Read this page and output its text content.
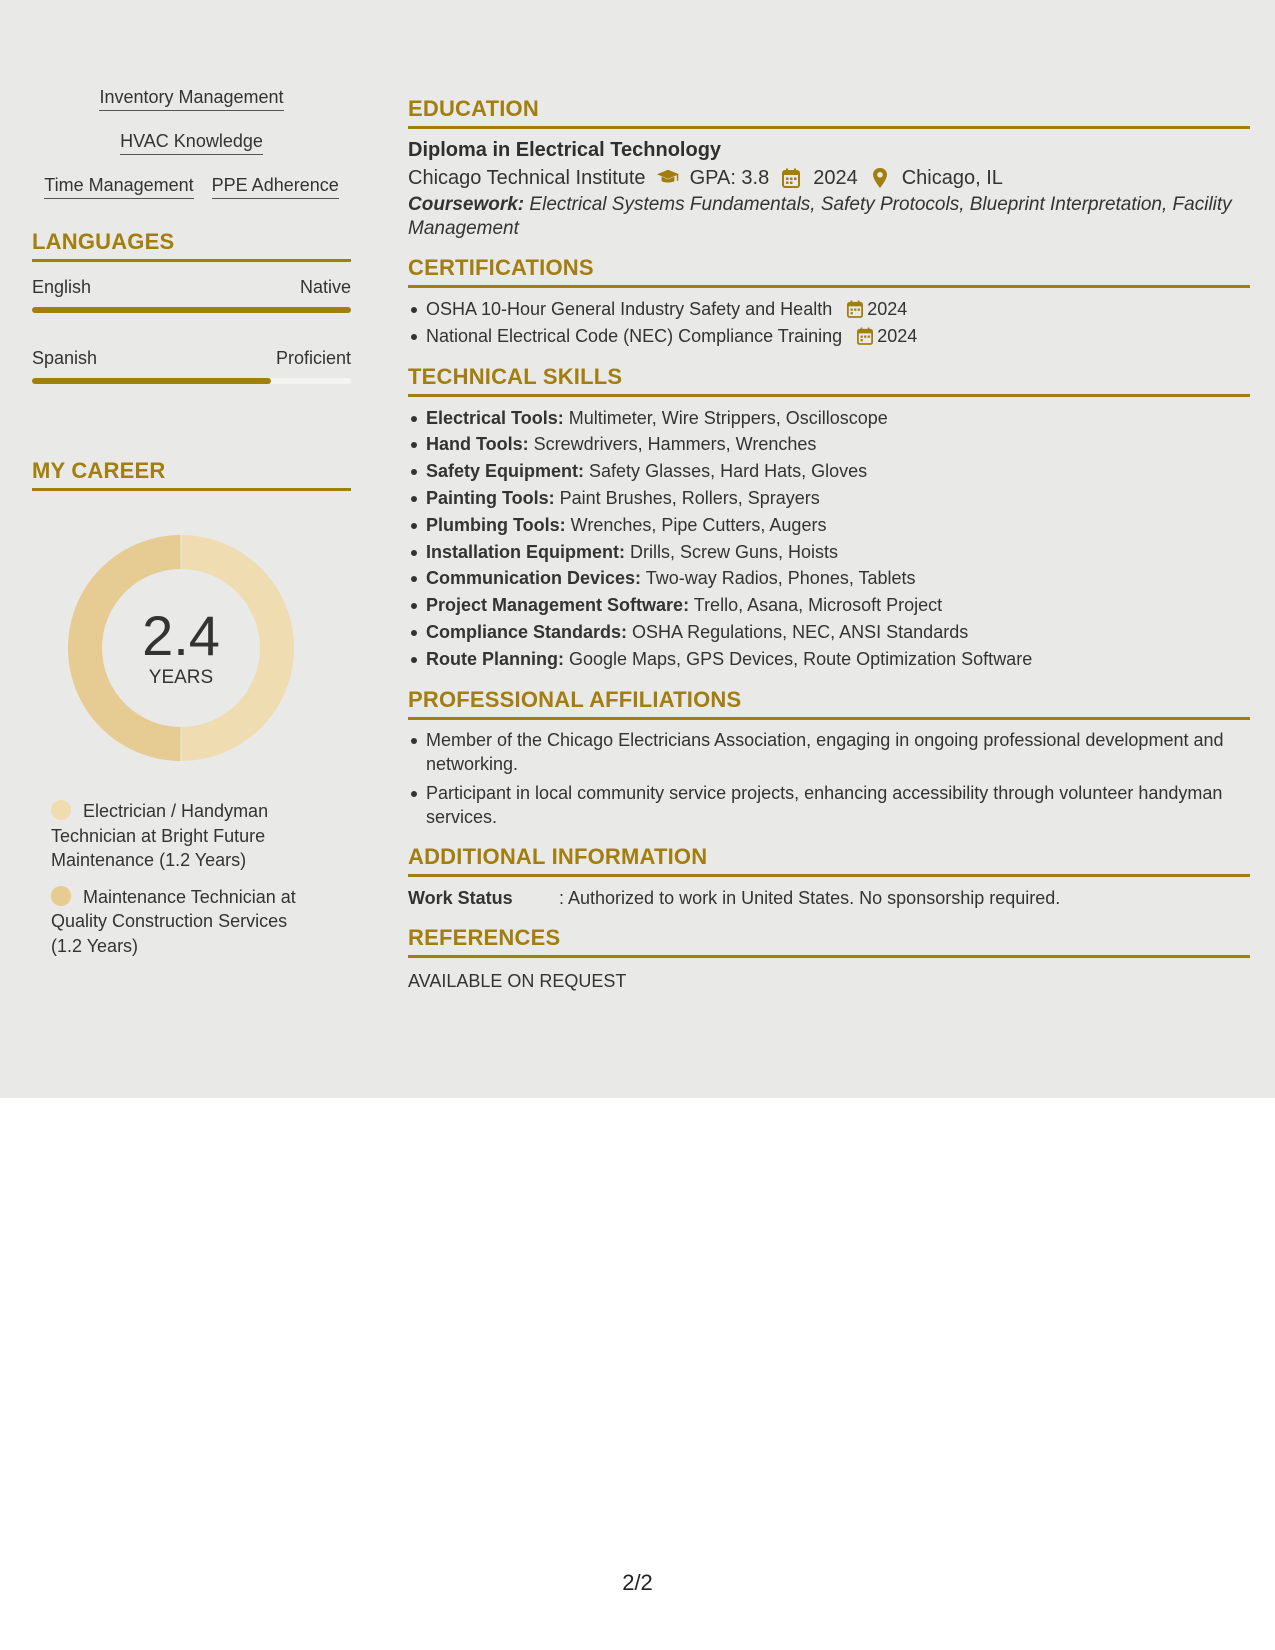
Inventory Management
HVAC Knowledge
Time Management PPE Adherence
LANGUAGES
English	Native
Spanish	Proficient
MY CAREER
2.4
YEARS
Electrician / Handyman Technician at Bright Future Maintenance (1.2 Years)
Maintenance Technician at Quality Construction Services (1.2 Years)
EDUCATION
Diploma in Electrical Technology
Chicago Technical Institute GPA: 3.8 2024 Chicago, IL
Coursework: Electrical Systems Fundamentals, Safety Protocols, Blueprint Interpretation, Facility Management
CERTIFICATIONS
OSHA 10-Hour General Industry Safety and Health 2024
National Electrical Code (NEC) Compliance Training 2024
TECHNICAL SKILLS
Electrical Tools: Multimeter, Wire Strippers, Oscilloscope
Hand Tools: Screwdrivers, Hammers, Wrenches
Safety Equipment: Safety Glasses, Hard Hats, Gloves
Painting Tools: Paint Brushes, Rollers, Sprayers
Plumbing Tools: Wrenches, Pipe Cutters, Augers
Installation Equipment: Drills, Screw Guns, Hoists
Communication Devices: Two-way Radios, Phones, Tablets
Project Management Software: Trello, Asana, Microsoft Project
Compliance Standards: OSHA Regulations, NEC, ANSI Standards
Route Planning: Google Maps, GPS Devices, Route Optimization Software
PROFESSIONAL AFFILIATIONS
Member of the Chicago Electricians Association, engaging in ongoing professional development and networking.
Participant in local community service projects, enhancing accessibility through volunteer handyman services.
ADDITIONAL INFORMATION
Work Status	: Authorized to work in United States. No sponsorship required.
REFERENCES
AVAILABLE ON REQUEST
2/2
